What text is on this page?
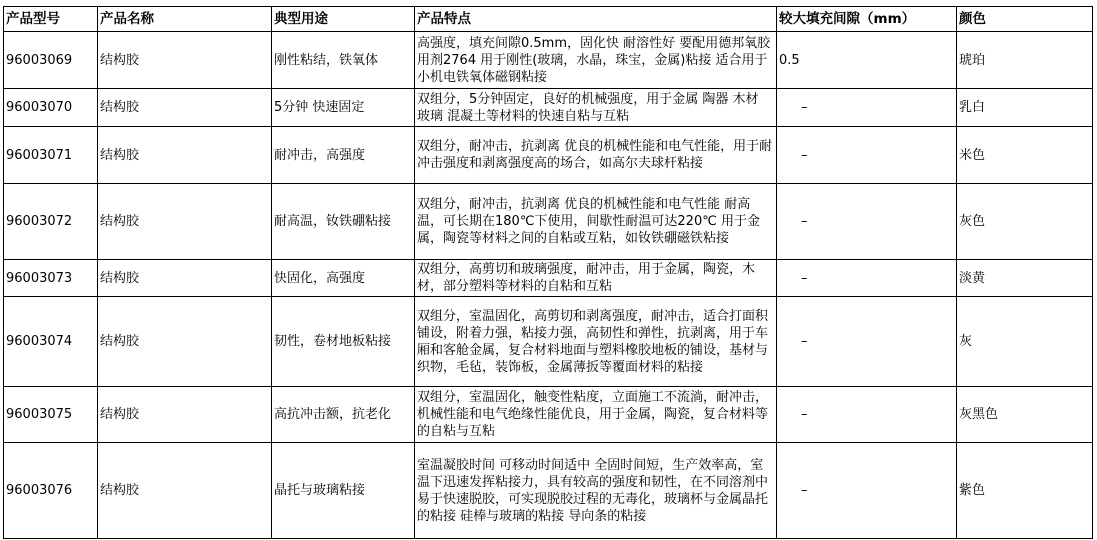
产品型号	产品名称	典型用途	产品特点	较大填充间隙（mm）	颜色
96003069	结构胶	刚性粘结，铁氧体	高强度，填充间隙0.5mm，固化快 耐溶性好 要配用德邦氧胶用剂2764 用于刚性(玻璃，水晶，珠宝，金属)粘接 适合用于小机电铁氧体磁钢粘接	0.5	琥珀
96003070	结构胶	5分钟 快速固定	双组分，5分钟固定，良好的机械强度，用于金属 陶器 木材 玻璃 混凝土等材料的快速自粘与互粘	–	乳白
96003071	结构胶	耐冲击，高强度	双组分，耐冲击，抗剥离 优良的机械性能和电气性能，用于耐冲击强度和剥离强度高的场合，如高尔夫球杆粘接	–	米色
96003072	结构胶	耐高温，钕铁硼粘接	双组分，耐冲击，抗剥离 优良的机械性能和电气性能 耐高温，可长期在180℃下使用，间歇性耐温可达220℃ 用于金属，陶瓷等材料之间的自粘或互粘，如钕铁硼磁铁粘接	–	灰色
96003073	结构胶	快固化，高强度	双组分，高剪切和玻璃强度，耐冲击，用于金属，陶瓷，木材，部分塑料等材料的自粘和互粘	–	淡黄
96003074	结构胶	韧性，卷材地板粘接	双组分，室温固化，高剪切和剥离强度，耐冲击，适合打面积铺设，附着力强，粘接力强，高韧性和弹性，抗剥离，用于车厢和客舱金属，复合材料地面与塑料橡胶地板的铺设，基材与织物，毛毡，装饰板，金属薄扳等覆面材料的粘接	–	灰
96003075	结构胶	高抗冲击额，抗老化	双组分，室温固化，触变性粘度，立面施工不流淌，耐冲击，机械性能和电气绝缘性能优良，用于金属，陶瓷，复合材料等的自粘与互粘	–	灰黑色
96003076	结构胶	晶托与玻璃粘接	室温凝胶时间 可移动时间适中 全固时间短，生产效率高，室温下迅速发挥粘接力，具有较高的强度和韧性，在不同溶剂中易于快速脱胶，可实现脱胶过程的无毒化，玻璃杯与金属晶托的粘接 硅棒与玻璃的粘接 导向条的粘接	–	紫色
